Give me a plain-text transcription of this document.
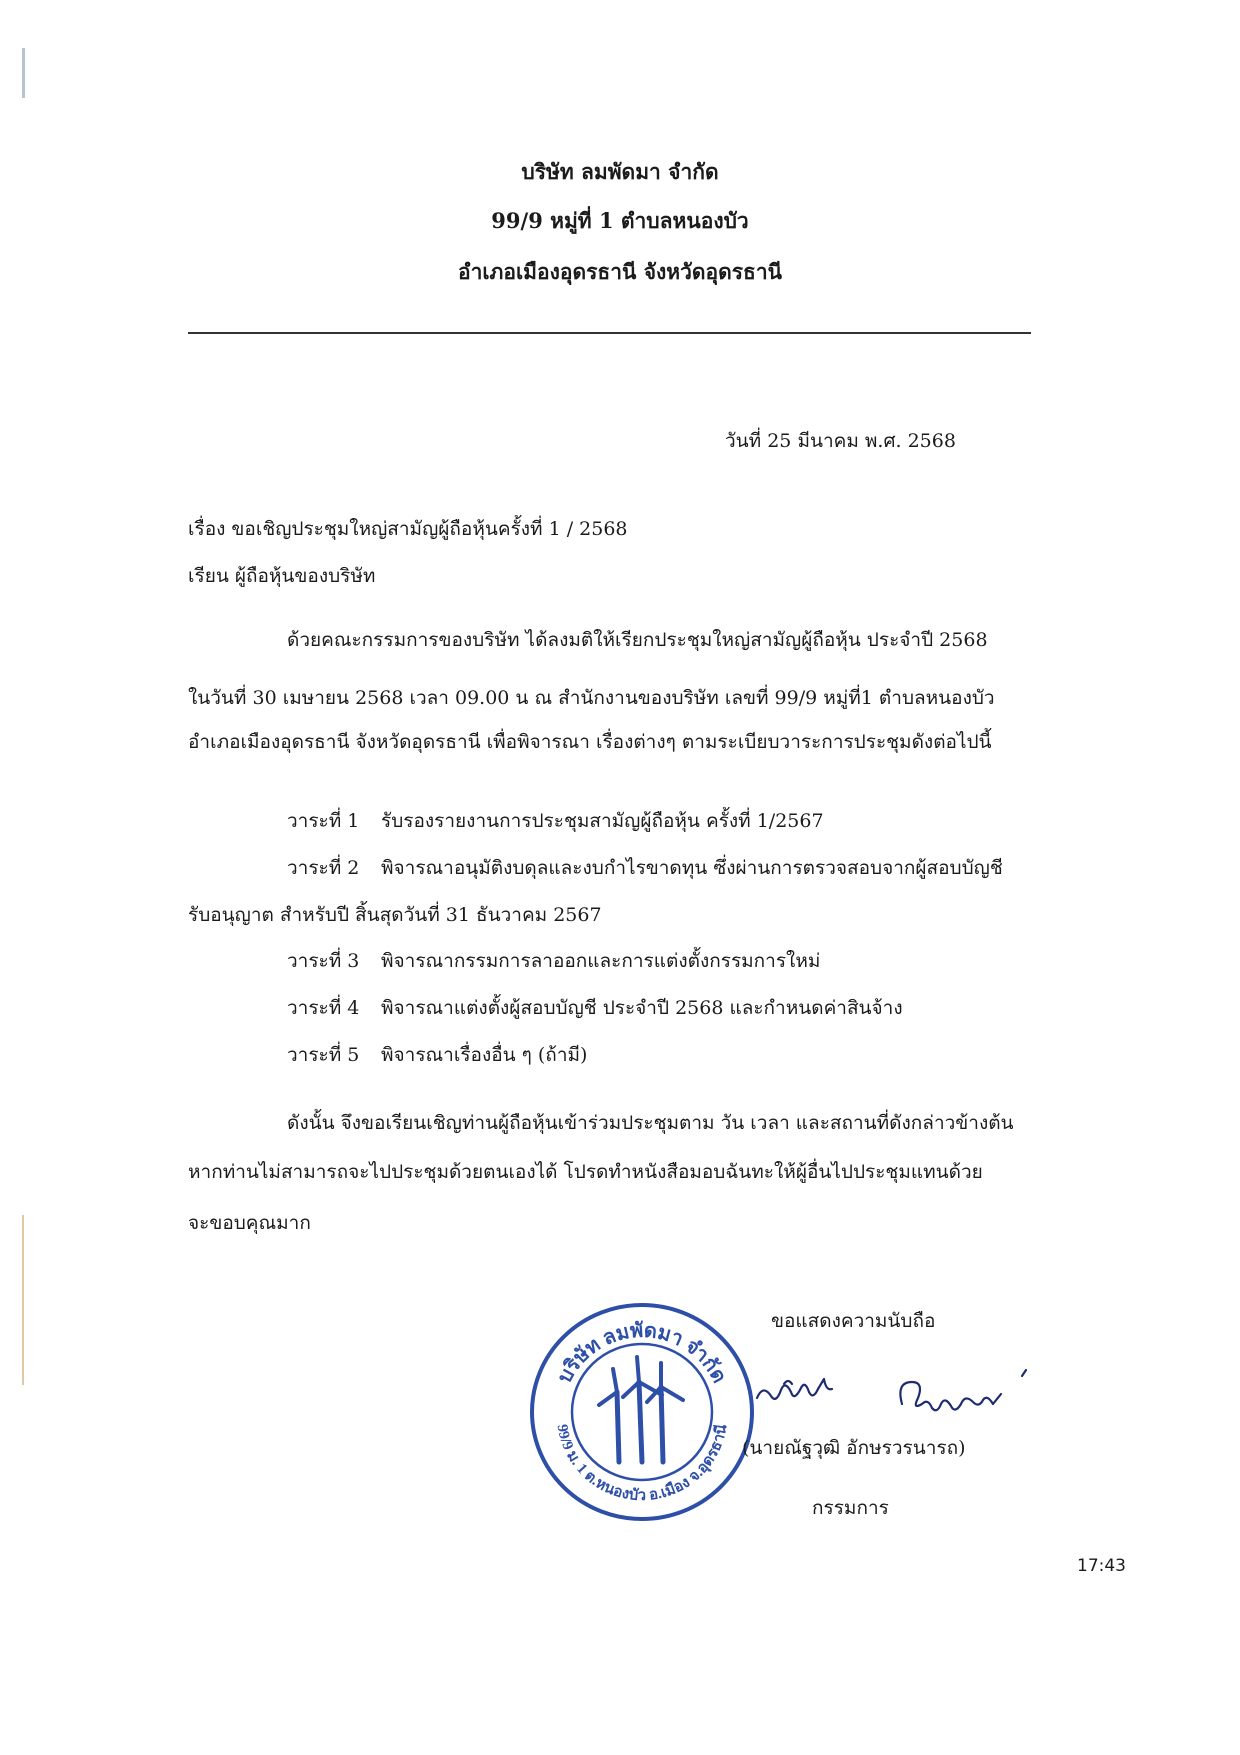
บริษัท ลมพัดมา จำกัด
99/9 หมู่ที่ 1 ตำบลหนองบัว
อำเภอเมืองอุดรธานี จังหวัดอุดรธานี
วันที่ 25 มีนาคม พ.ศ. 2568
เรื่อง ขอเชิญประชุมใหญ่สามัญผู้ถือหุ้นครั้งที่ 1 / 2568
เรียน ผู้ถือหุ้นของบริษัท
ด้วยคณะกรรมการของบริษัท ได้ลงมติให้เรียกประชุมใหญ่สามัญผู้ถือหุ้น ประจำปี 2568
ในวันที่ 30 เมษายน 2568 เวลา 09.00 น ณ สำนักงานของบริษัท เลขที่ 99/9 หมู่ที่1 ตำบลหนองบัว
อำเภอเมืองอุดรธานี จังหวัดอุดรธานี เพื่อพิจารณา เรื่องต่างๆ ตามระเบียบวาระการประชุมดังต่อไปนี้
วาระที่ 1 รับรองรายงานการประชุมสามัญผู้ถือหุ้น ครั้งที่ 1/2567
วาระที่ 2 พิจารณาอนุมัติงบดุลและงบกำไรขาดทุน ซึ่งผ่านการตรวจสอบจากผู้สอบบัญชี
รับอนุญาต สำหรับปี สิ้นสุดวันที่ 31 ธันวาคม 2567
วาระที่ 3 พิจารณากรรมการลาออกและการแต่งตั้งกรรมการใหม่
วาระที่ 4 พิจารณาแต่งตั้งผู้สอบบัญชี ประจำปี 2568 และกำหนดค่าสินจ้าง
วาระที่ 5 พิจารณาเรื่องอื่น ๆ (ถ้ามี)
ดังนั้น จึงขอเรียนเชิญท่านผู้ถือหุ้นเข้าร่วมประชุมตาม วัน เวลา และสถานที่ดังกล่าวข้างต้น
หากท่านไม่สามารถจะไปประชุมด้วยตนเองได้ โปรดทำหนังสือมอบฉันทะให้ผู้อื่นไปประชุมแทนด้วย
จะขอบคุณมาก
ขอแสดงความนับถือ
บริษัท ลมพัดมา จำกัด
99/9 ม. 1 ต.หนองบัว อ.เมือง จ.อุดรธานี
(นายณัฐวุฒิ อักษรวรนารถ)
กรรมการ
17:43
